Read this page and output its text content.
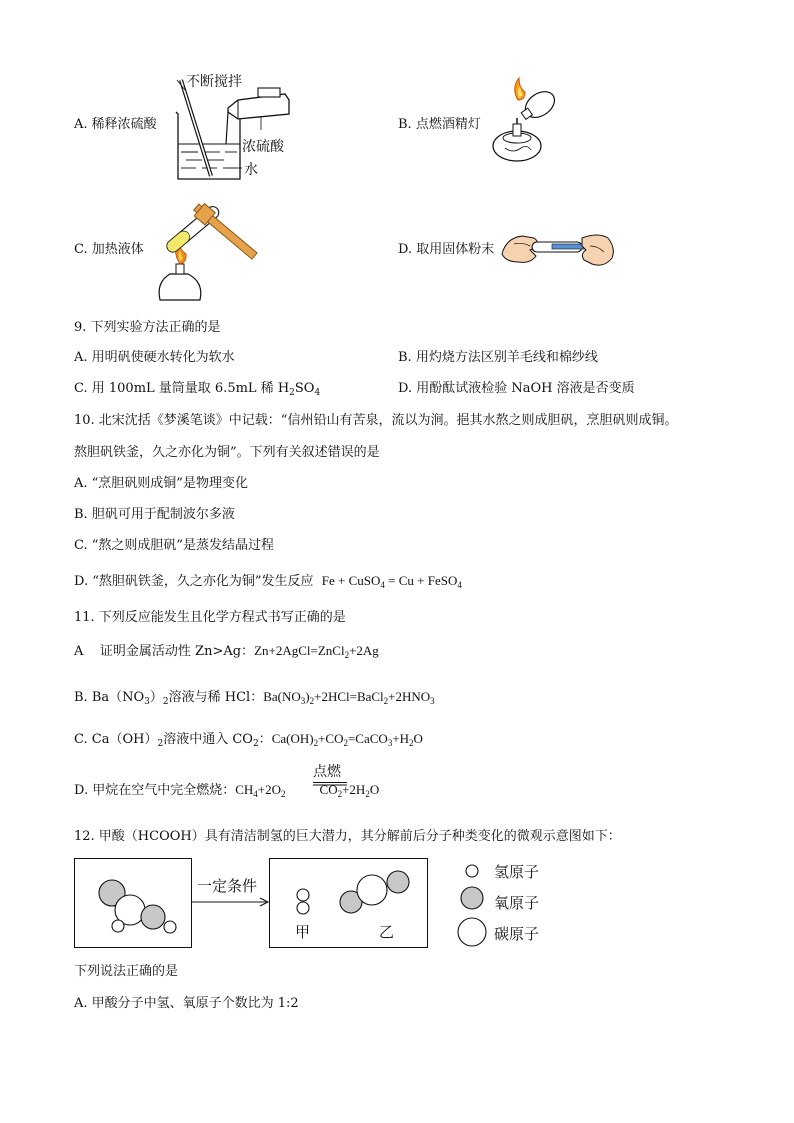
A. 稀释浓硫酸
不断搅拌
浓硫酸
水
B. 点燃酒精灯
C. 加热液体	D. 取用固体粉末
9. 下列实验方法正确的是
A. 用明矾使硬水转化为软水	B. 用灼烧方法区别羊毛线和棉纱线
C. 用 100mL 量筒量取 6.5mL 稀 $H_2SO_4$	D. 用酚酞试液检验 NaOH 溶液是否变质
10. 北宋沈括《梦溪笔谈》中记载：“信州铅山有苦泉，流以为涧。挹其水熬之则成胆矾，烹胆矾则成铜。
熬胆矾铁釜，久之亦化为铜”。下列有关叙述错误的是
A. “烹胆矾则成铜”是物理变化
B. 胆矾可用于配制波尔多液
C. “熬之则成胆矾”是蒸发结晶过程
D. “熬胆矾铁釜，久之亦化为铜”发生反应 Fe + CuSO$_4$ = Cu + FeSO$_4$
11. 下列反应能发生且化学方程式书写正确的是
A 证明金属活动性 Zn>Ag：Zn+2AgCl=ZnCl$_2$+2Ag
B. $Ba(NO_3)_2$溶液与稀 HCl：$Ba(NO_3)_2+2HCl=BaCl_2+2HNO_3$
C. $Ca(OH)_2$溶液中通入 $CO_2$：$Ca(OH)_2+CO_2=CaCO_3+H_2O$
D. 甲烷在空气中完全燃烧：$CH_4+2O_2$	$CO_2+2H_2O$
点燃
12. 甲酸（HCOOH）具有清洁制氢的巨大潜力，其分解前后分子种类变化的微观示意图如下：
一定条件
甲	乙
氢原子
氧原子
碳原子
下列说法正确的是
A. 甲酸分子中氢、氧原子个数比为 1:2
